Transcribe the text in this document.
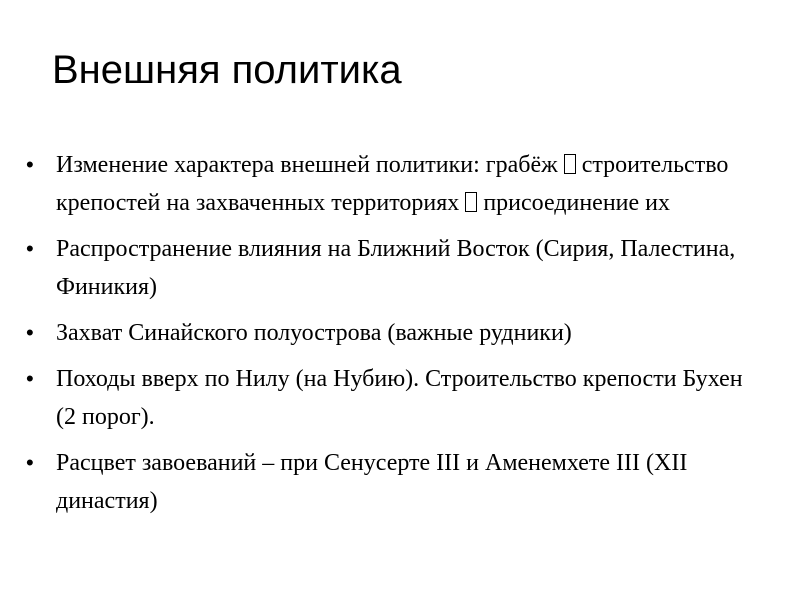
Внешняя политика
• Изменение характера внешней политики: грабёж  строительство крепостей на захваченных территориях  присоединение их
• Распространение влияния на Ближний Восток (Сирия, Палестина, Финикия)
• Захват Синайского полуострова (важные рудники)
• Походы вверх по Нилу (на Нубию). Строительство крепости Бухен (2 порог).
• Расцвет завоеваний – при Сенусерте III и Аменемхете III (XII династия)
